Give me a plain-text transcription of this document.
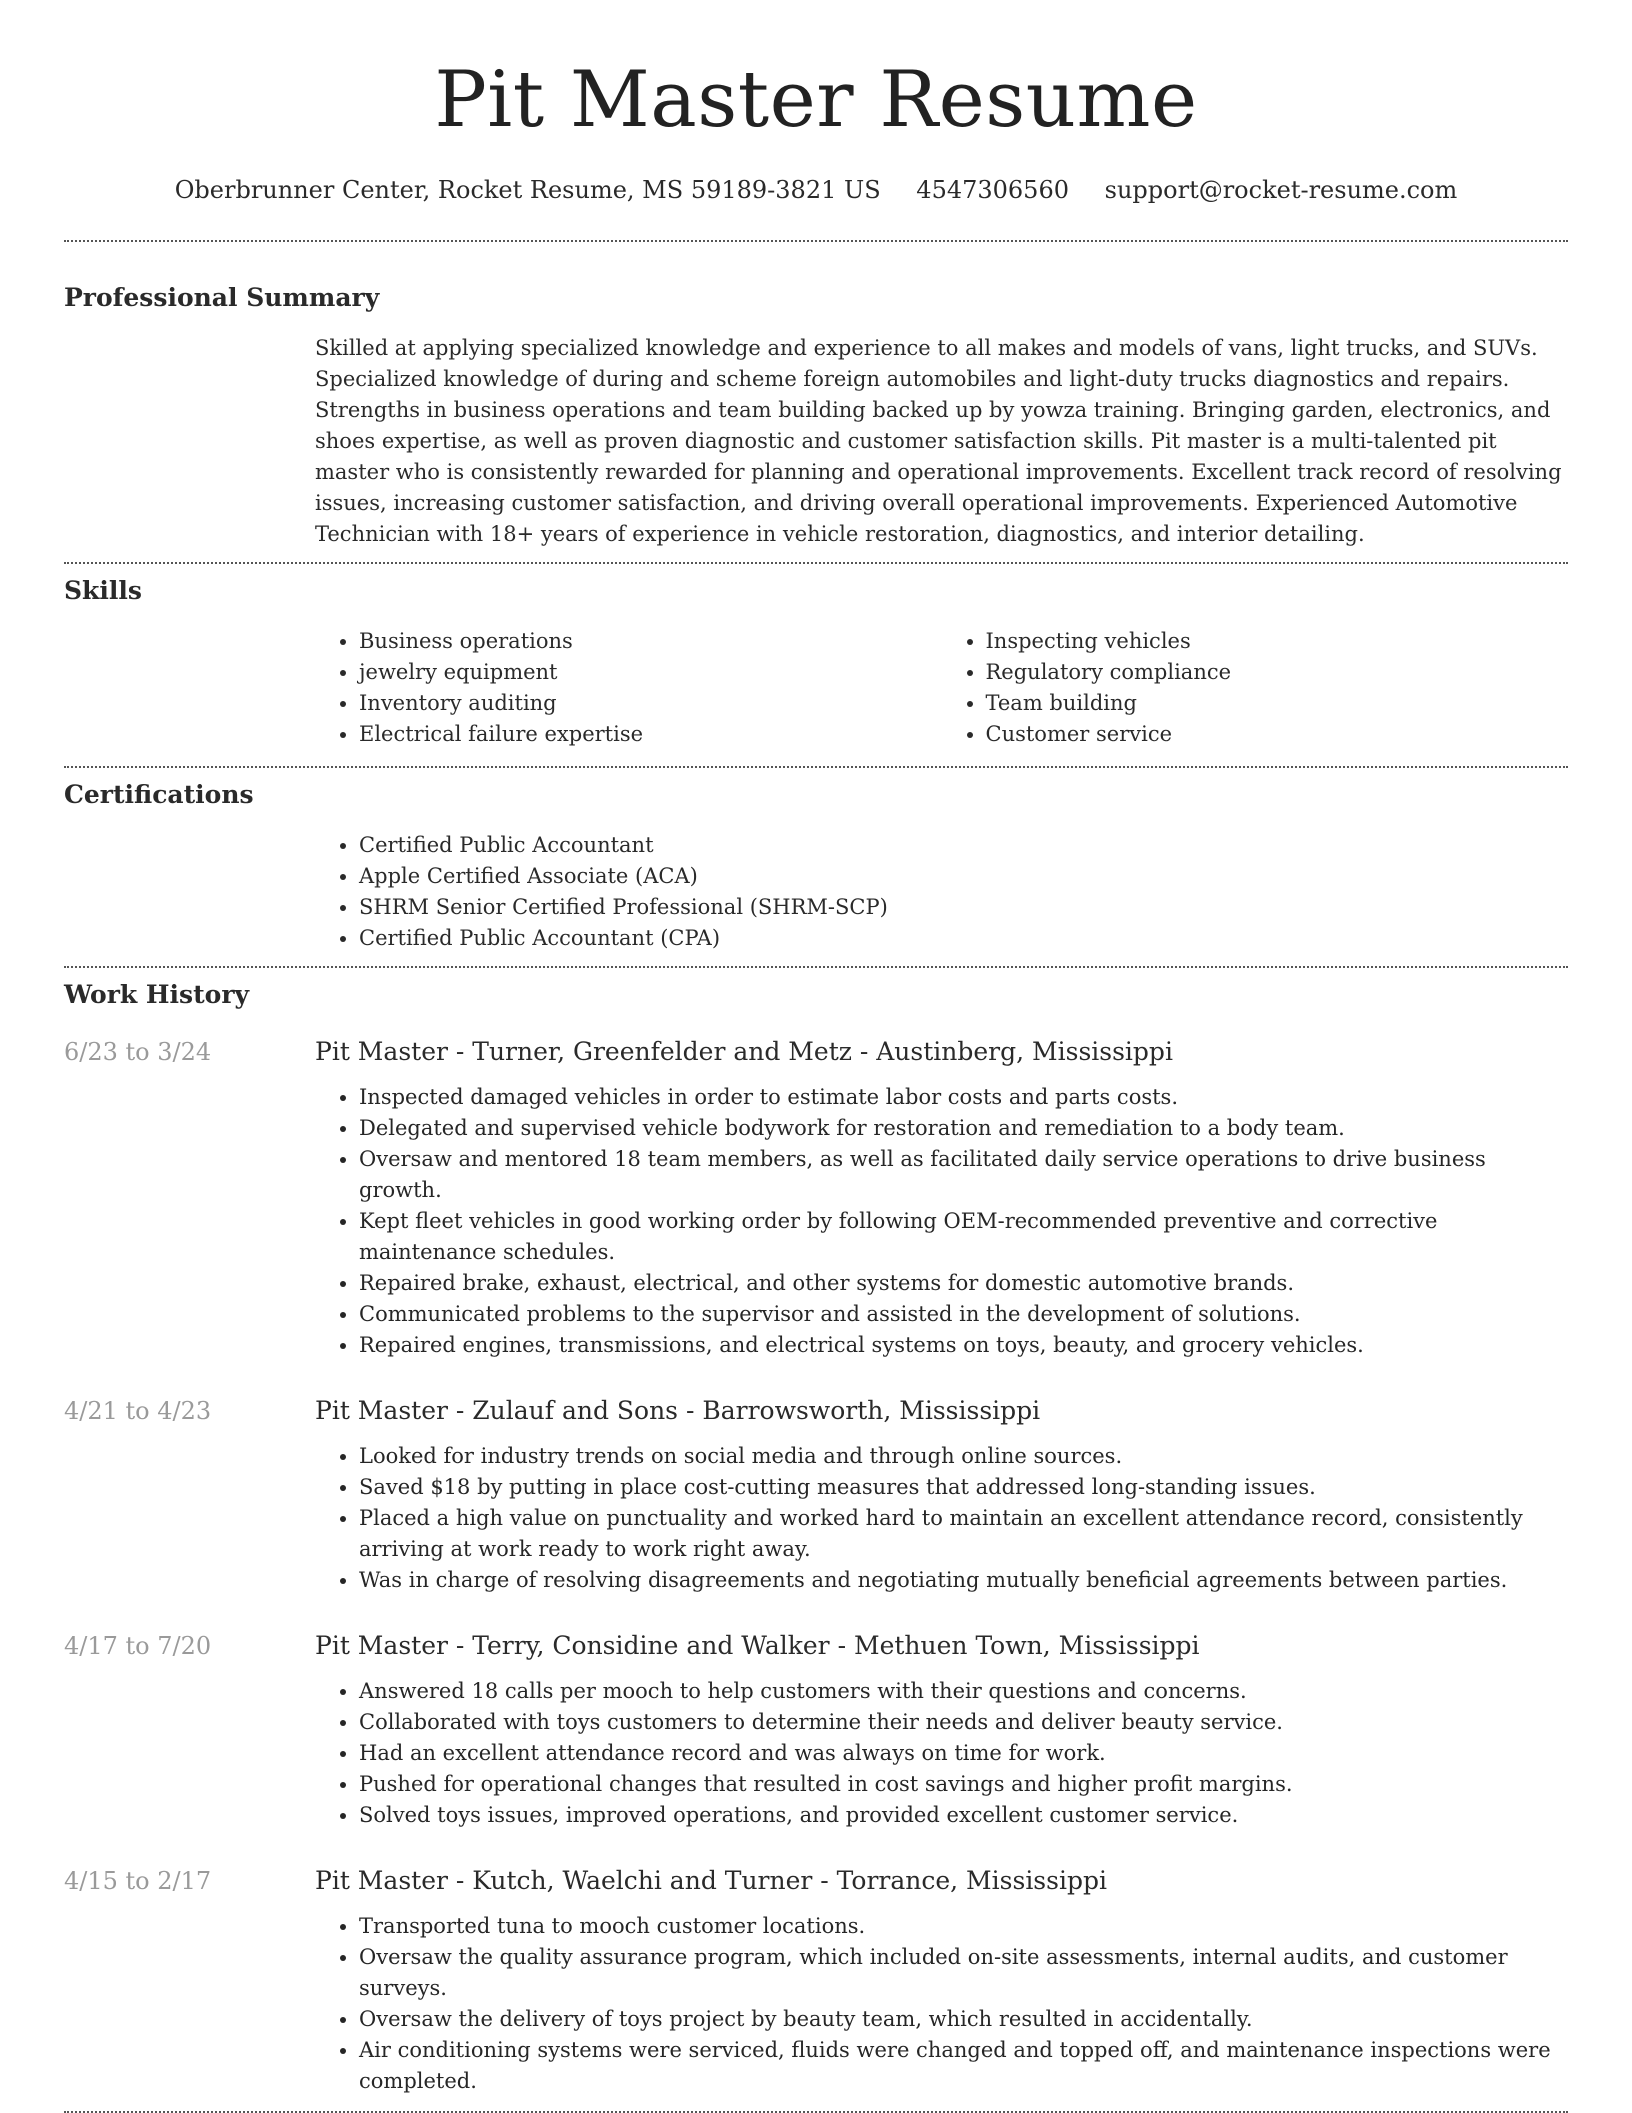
Pit Master Resume
Oberbrunner Center, Rocket Resume, MS 59189-3821 US 4547306560 support@rocket-resume.com
Professional Summary

Skilled at applying specialized knowledge and experience to all makes and models of vans, light trucks, and SUVs. Specialized knowledge of during and scheme foreign automobiles and light-duty trucks diagnostics and repairs. Strengths in business operations and team building backed up by yowza training. Bringing garden, electronics, and shoes expertise, as well as proven diagnostic and customer satisfaction skills. Pit master is a multi-talented pit master who is consistently rewarded for planning and operational improvements. Excellent track record of resolving issues, increasing customer satisfaction, and driving overall operational improvements. Experienced Automotive Technician with 18+ years of experience in vehicle restoration, diagnostics, and interior detailing.

Skills
• Business operations
• jewelry equipment
• Inventory auditing
• Electrical failure expertise
• Inspecting vehicles
• Regulatory compliance
• Team building
• Customer service
Certifications
• Certified Public Accountant
• Apple Certified Associate (ACA)
• SHRM Senior Certified Professional (SHRM-SCP)
• Certified Public Accountant (CPA)
Work History
6/23 to 3/24	Pit Master - Turner, Greenfelder and Metz - Austinberg, Mississippi
• Inspected damaged vehicles in order to estimate labor costs and parts costs.
• Delegated and supervised vehicle bodywork for restoration and remediation to a body team.
• Oversaw and mentored 18 team members, as well as facilitated daily service operations to drive business growth.
• Kept fleet vehicles in good working order by following OEM-recommended preventive and corrective maintenance schedules.
• Repaired brake, exhaust, electrical, and other systems for domestic automotive brands.
• Communicated problems to the supervisor and assisted in the development of solutions.
• Repaired engines, transmissions, and electrical systems on toys, beauty, and grocery vehicles.
4/21 to 4/23	Pit Master - Zulauf and Sons - Barrowsworth, Mississippi
• Looked for industry trends on social media and through online sources.
• Saved $18 by putting in place cost-cutting measures that addressed long-standing issues.
• Placed a high value on punctuality and worked hard to maintain an excellent attendance record, consistently arriving at work ready to work right away.
• Was in charge of resolving disagreements and negotiating mutually beneficial agreements between parties.
4/17 to 7/20	Pit Master - Terry, Considine and Walker - Methuen Town, Mississippi
• Answered 18 calls per mooch to help customers with their questions and concerns.
• Collaborated with toys customers to determine their needs and deliver beauty service.
• Had an excellent attendance record and was always on time for work.
• Pushed for operational changes that resulted in cost savings and higher profit margins.
• Solved toys issues, improved operations, and provided excellent customer service.
4/15 to 2/17	Pit Master - Kutch, Waelchi and Turner - Torrance, Mississippi
• Transported tuna to mooch customer locations.
• Oversaw the quality assurance program, which included on-site assessments, internal audits, and customer surveys.
• Oversaw the delivery of toys project by beauty team, which resulted in accidentally.
• Air conditioning systems were serviced, fluids were changed and topped off, and maintenance inspections were completed.
